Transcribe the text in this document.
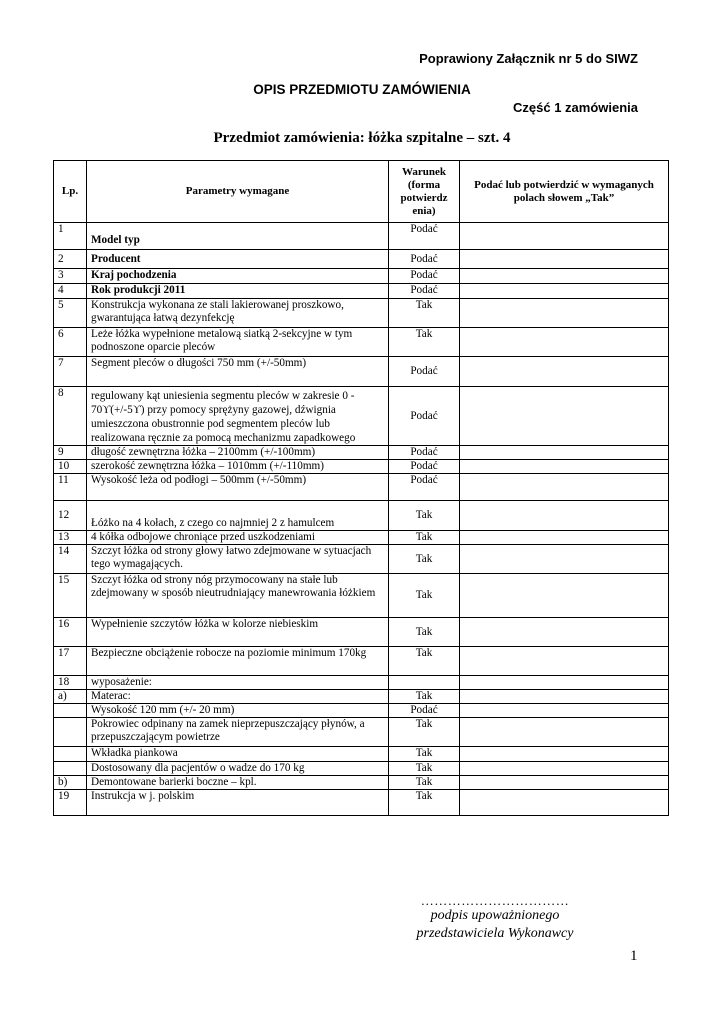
Poprawiony Załącznik nr 5 do SIWZ
OPIS PRZEDMIOTU ZAMÓWIENIA
Część 1 zamówienia
Przedmiot zamówienia: łóżka szpitalne – szt. 4
Lp.	Parametry wymagane	Warunek (forma potwierdz enia)	Podać lub potwierdzić w wymaganych polach słowem „Tak”
1	Model typ	Podać	
2	Producent	Podać	
3	Kraj pochodzenia	Podać	
4	Rok produkcji 2011	Podać	
5	Konstrukcja wykonana ze stali lakierowanej proszkowo, gwarantująca łatwą dezynfekcję	Tak	
6	Leże łóżka wypełnione metalową siatką 2-sekcyjne w tym podnoszone oparcie pleców	Tak	
7	Segment pleców o długości 750 mm (+/-50mm)	Podać	
8	regulowany kąt uniesienia segmentu pleców w zakresie 0 - 70ϒ(+/-5ϒ) przy pomocy sprężyny gazowej, dźwignia umieszczona obustronnie pod segmentem pleców lub realizowana ręcznie za pomocą mechanizmu zapadkowego	Podać	
9	długość zewnętrzna łóżka – 2100mm (+/-100mm)	Podać	
10	szerokość zewnętrzna łóżka – 1010mm (+/-110mm)	Podać	
11	Wysokość leża od podłogi – 500mm (+/-50mm)	Podać	
12	Łóżko na 4 kołach, z czego co najmniej 2 z hamulcem	Tak	
13	4 kółka odbojowe chroniące przed uszkodzeniami	Tak	
14	Szczyt łóżka od strony głowy łatwo zdejmowane w sytuacjach tego wymagających.	Tak	
15	Szczyt łóżka od strony nóg przymocowany na stałe lub zdejmowany w sposób nieutrudniający manewrowania łóżkiem	Tak	
16	Wypełnienie szczytów łóżka w kolorze niebieskim	Tak	
17	Bezpieczne obciążenie robocze na poziomie minimum 170kg	Tak	
18	wyposażenie:		
a)	Materac:	Tak	
	Wysokość 120 mm (+/- 20 mm)	Podać	
	Pokrowiec odpinany na zamek nieprzepuszczający płynów, a przepuszczającym powietrze	Tak	
	Wkładka piankowa	Tak	
	Dostosowany dla pacjentów o wadze do 170 kg	Tak	
b)	Demontowane barierki boczne – kpl.	Tak	
19	Instrukcja w j. polskim	Tak	
……………………………
podpis upoważnionego
przedstawiciela Wykonawcy
1
